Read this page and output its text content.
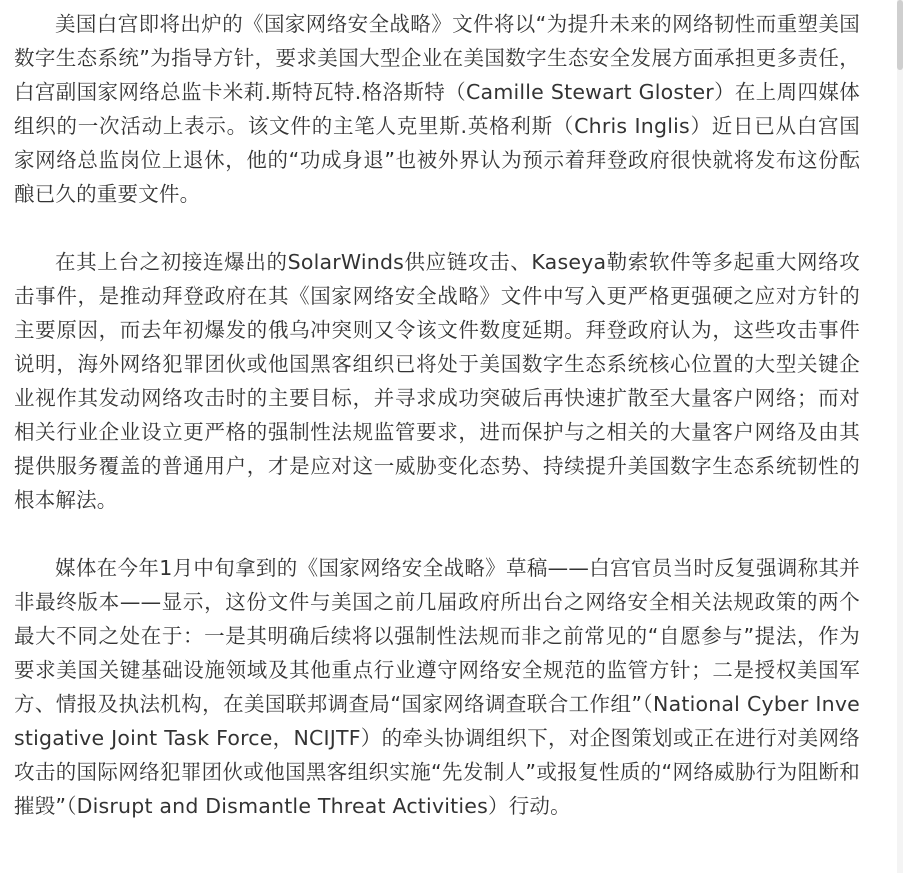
美国白宫即将出炉的《国家网络安全战略》文件将以“为提升未来的网络韧性而重塑美国数字生态系统”为指导方针，要求美国大型企业在美国数字生态安全发展方面承担更多责任，白宫副国家网络总监卡米莉.斯特瓦特.格洛斯特（Camille Stewart Gloster）在上周四媒体组织的一次活动上表示。该文件的主笔人克里斯.英格利斯（Chris Inglis）近日已从白宫国家网络总监岗位上退休，他的“功成身退”也被外界认为预示着拜登政府很快就将发布这份酝酿已久的重要文件。

在其上台之初接连爆出的SolarWinds供应链攻击、Kaseya勒索软件等多起重大网络攻击事件，是推动拜登政府在其《国家网络安全战略》文件中写入更严格更强硬之应对方针的主要原因，而去年初爆发的俄乌冲突则又令该文件数度延期。拜登政府认为，这些攻击事件说明，海外网络犯罪团伙或他国黑客组织已将处于美国数字生态系统核心位置的大型关键企业视作其发动网络攻击时的主要目标，并寻求成功突破后再快速扩散至大量客户网络；而对相关行业企业设立更严格的强制性法规监管要求，进而保护与之相关的大量客户网络及由其提供服务覆盖的普通用户，才是应对这一威胁变化态势、持续提升美国数字生态系统韧性的根本解法。

媒体在今年1月中旬拿到的《国家网络安全战略》草稿——白宫官员当时反复强调称其并非最终版本——显示，这份文件与美国之前几届政府所出台之网络安全相关法规政策的两个最大不同之处在于：一是其明确后续将以强制性法规而非之前常见的“自愿参与”提法，作为要求美国关键基础设施领域及其他重点行业遵守网络安全规范的监管方针；二是授权美国军方、情报及执法机构，在美国联邦调查局“国家网络调查联合工作组”（National Cyber Investigative Joint Task Force，NCIJTF）的牵头协调组织下，对企图策划或正在进行对美网络攻击的国际网络犯罪团伙或他国黑客组织实施“先发制人”或报复性质的“网络威胁行为阻断和摧毁”（Disrupt and Dismantle Threat Activities）行动。
